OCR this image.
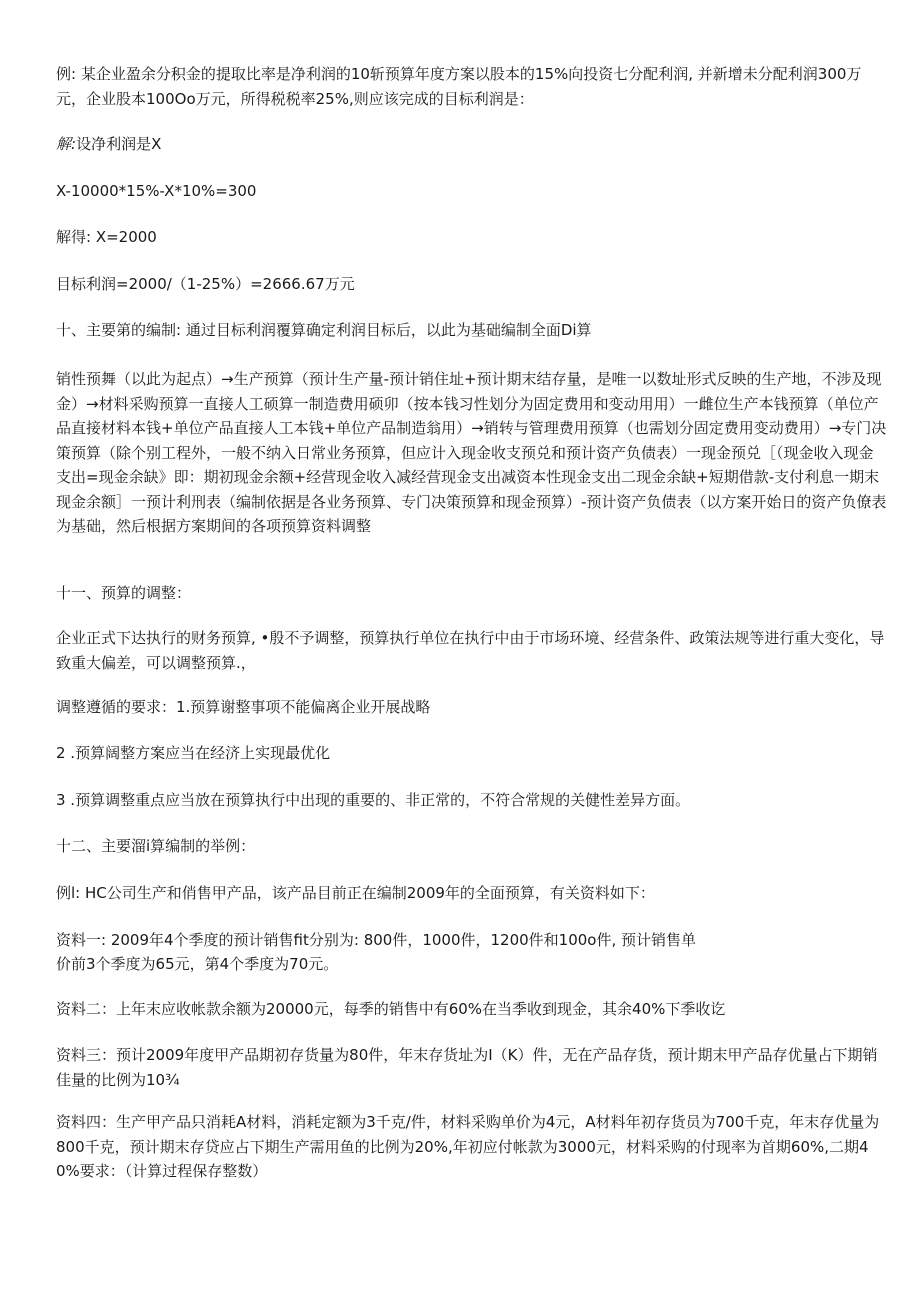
例: 某企业盈余分积金的提取比率是净利润的10斩预算年度方案以股本的15%向投资七分配利润, 并新增未分配利润300万元，企业股本100Oo万元，所得税税率25%,则应该完成的目标利润是：

解:设净利润是X

X-10000*15%-X*10%=300

解得: X=2000

目标利润=2000/（1-25%）=2666.67万元

十、主要第的编制: 通过目标利润覆算确定利润目标后，以此为基础编制全面Di算

销性预舞（以此为起点）→生产预算（预计生产量-预计销住址+预计期末结存量，是唯一以数址形式反映的生产地，不涉及现金）→材料采购预算一直接人工硕算一制造费用硕卯（按本钱习性划分为固定费用和变动用用）一雌位生产本钱预算（单位产品直接材料本钱+单位产品直接人工本钱+单位产品制造翁用）→销转与管理费用预算（也需划分固定费用变动费用）→专门决策预算（除个别工程外，一般不纳入日常业务预算，但应计入现金收支预兑和预计资产负债表）一现金预兑［（现金收入现金支出=现金余缺》即：期初现金余额+经营现金收入减经营现金支出减资本性现金支出二现金余缺+短期借款-支付利息一期末现金余额］一预计利刑表（编制依据是各业务预算、专门决策预算和现金预算）-预计资产负债表（以方案开始日的资产负僚表为基础，然后根据方案期间的各项预算资料调整

十一、预算的调整：

企业正式下达执行的财务预算, •殷不予调整，预算执行单位在执行中由于市场环境、经营条件、政策法规等进行重大变化，导致重大偏差，可以调整预算.，

调整遵循的要求：1.预算谢整事项不能偏离企业开展战略

2 .预算阔整方案应当在经济上实现最优化

3 .预算调整重点应当放在预算执行中出现的重要的、非正常的，不符合常规的关健性差异方面。

十二、主要溜i算编制的举例：

例l: HC公司生产和俏售甲产品，该产品目前正在编制2009年的全面预算，有关资料如下：

资料一: 2009年4个季度的预计销售fit分别为: 800件，1000件，1200件和100o件, 预计销售单

价前3个季度为65元，第4个季度为70元。

资料二：上年末应收帐款余额为20000元，每季的销售中有60%在当季收到现金，其余40%下季收讫

资料三：预计2009年度甲产品期初存货量为80件，年末存货址为I（K）件，无在产品存货，预计期末甲产品存优量占下期销佳量的比例为10¾

资料四：生产甲产品只消耗A材料，消耗定额为3千克/件，材料采购单价为4元，A材料年初存货员为700千克，年末存优量为800千克，预计期末存贷应占下期生产需用鱼的比例为20%,年初应付帐款为3000元，材料采购的付现率为首期60%,二期40%要求：（计算过程保存整数）
